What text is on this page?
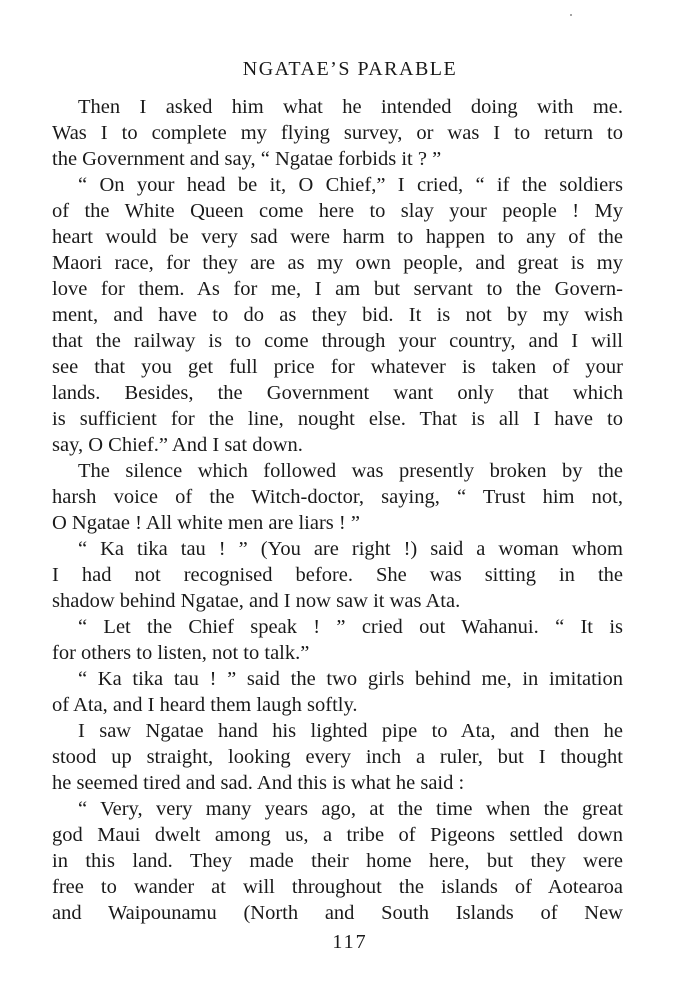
NGATAE’S PARABLE
Then I asked him what he intended doing with me.
Was I to complete my flying survey, or was I to return to
the Government and say, “ Ngatae forbids it ? ”
“ On your head be it, O Chief,” I cried, “ if the soldiers
of the White Queen come here to slay your people ! My
heart would be very sad were harm to happen to any of the
Maori race, for they are as my own people, and great is my
love for them. As for me, I am but servant to the Govern-
ment, and have to do as they bid. It is not by my wish
that the railway is to come through your country, and I will
see that you get full price for whatever is taken of your
lands. Besides, the Government want only that which
is sufficient for the line, nought else. That is all I have to
say, O Chief.” And I sat down.
The silence which followed was presently broken by the
harsh voice of the Witch-doctor, saying, “ Trust him not,
O Ngatae ! All white men are liars ! ”
“ Ka tika tau ! ” (You are right !) said a woman whom
I had not recognised before. She was sitting in the
shadow behind Ngatae, and I now saw it was Ata.
“ Let the Chief speak ! ” cried out Wahanui. “ It is
for others to listen, not to talk.”
“ Ka tika tau ! ” said the two girls behind me, in imitation
of Ata, and I heard them laugh softly.
I saw Ngatae hand his lighted pipe to Ata, and then he
stood up straight, looking every inch a ruler, but I thought
he seemed tired and sad. And this is what he said :
“ Very, very many years ago, at the time when the great
god Maui dwelt among us, a tribe of Pigeons settled down
in this land. They made their home here, but they were
free to wander at will throughout the islands of Aotearoa
and Waipounamu (North and South Islands of New
117
